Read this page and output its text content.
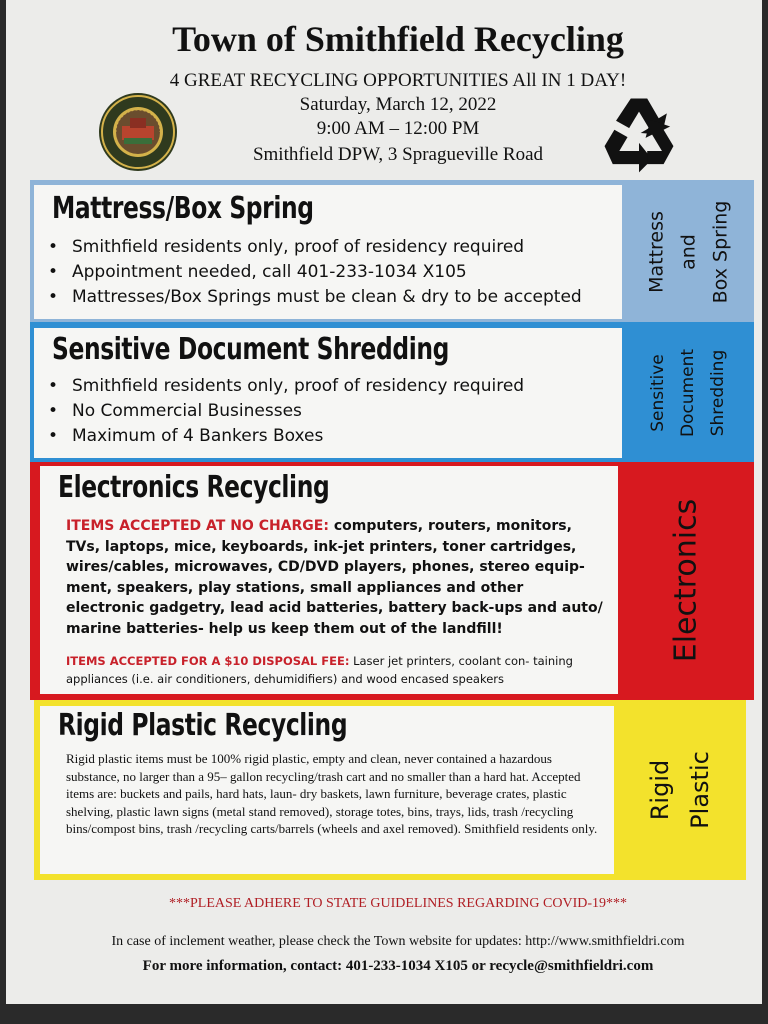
Town of Smithfield Recycling
4 GREAT RECYCLING OPPORTUNITIES All IN 1 DAY!
Saturday, March 12, 2022
9:00 AM – 12:00 PM
Smithfield DPW, 3 Spragueville Road
Mattress/Box Spring
• Smithfield residents only, proof of residency required
• Appointment needed, call 401-233-1034 X105
• Mattresses/Box Springs must be clean & dry to be accepted
Mattress and Box Spring
Sensitive Document Shredding
• Smithfield residents only, proof of residency required
• No Commercial Businesses
• Maximum of 4 Bankers Boxes
Sensitive Document Shredding
Electronics Recycling
ITEMS ACCEPTED AT NO CHARGE: computers, routers, monitors, TVs, laptops, mice, keyboards, ink-jet printers, toner cartridges, wires/cables, microwaves, CD/DVD players, phones, stereo equip- ment, speakers, play stations, small appliances and other electronic gadgetry, lead acid batteries, battery back-ups and auto/ marine batteries- help us keep them out of the landfill!
ITEMS ACCEPTED FOR A $10 DISPOSAL FEE: Laser jet printers, coolant con- taining appliances (i.e. air conditioners, dehumidifiers) and wood encased speakers
Electronics
Rigid Plastic Recycling
Rigid plastic items must be 100% rigid plastic, empty and clean, never contained a hazardous substance, no larger than a 95– gallon recycling/trash cart and no smaller than a hard hat. Accepted items are: buckets and pails, hard hats, laun- dry baskets, lawn furniture, beverage crates, plastic shelving, plastic lawn signs (metal stand removed), storage totes, bins, trays, lids, trash /recycling bins/compost bins, trash /recycling carts/barrels (wheels and axel removed). Smithfield residents only.
Rigid Plastic
***PLEASE ADHERE TO STATE GUIDELINES REGARDING COVID-19***
In case of inclement weather, please check the Town website for updates: http://www.smithfieldri.com
For more information, contact: 401-233-1034 X105 or recycle@smithfieldri.com
